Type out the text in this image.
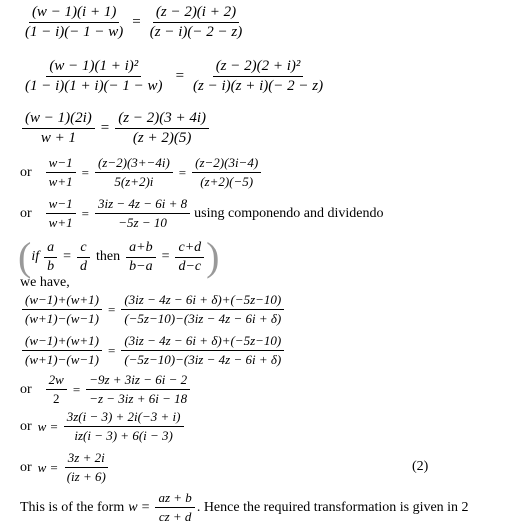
$\frac{(w - 1)(i + 1)}{(1 - i)(- 1 - w)} = \frac{(z - 2)(i + 2)}{(z - i)(- 2 - z)}$
$\frac{\text{(w − 1)(1 + i)²}}{(1 - i)(1 + i)(- 1 - w)} = \frac{\text{(z − 2)(2 + i)²}}{(z - i)(z + i)(- 2 - z)}$
$\frac{(w - 1)(2i)}{w + 1} = \frac{(z - 2)(3 + 4i)}{(z + 2)(5)}$
or $\frac{w-1}{w+1} = \frac{(z-2)(3+-4i)}{5(z+2)i} = \frac{(z-2)(3i-4)}{(z+2)(-5)}$
or $\frac{w-1}{w+1} = \frac{3iz - 4z - 6i + 8}{-5z - 10}$ using componendo and dividendo
( if $\frac{a}{b} = \frac{c}{d}$ then $\frac{a+b}{b-a} = \frac{c+d}{d-c}$ )
we have,
$\frac{(w-1)+(w+1)}{(w+1)-(w-1)} = \frac{(3iz - 4z - 6i + \delta)+(-5z-10)}{(-5z-10)-(3iz - 4z - 6i + \delta)}$
$\frac{(w-1)+(w+1)}{(w+1)-(w-1)} = \frac{(3iz - 4z - 6i + \delta)+(-5z-10)}{(-5z-10)-(3iz - 4z - 6i + \delta)}$
or $\frac{2w}{2} = \frac{-9z + 3iz - 6i - 2}{-z - 3iz + 6i - 18}$
or $w = \frac{3z(i - 3) + 2i(-3 + i)}{iz(i - 3) + 6(i - 3)}$
or $w = \frac{3z + 2i}{(iz + 6)}$	(2)
This is of the form $w = \frac{az + b}{cz + d}$ . Hence the required transformation is given in 2
